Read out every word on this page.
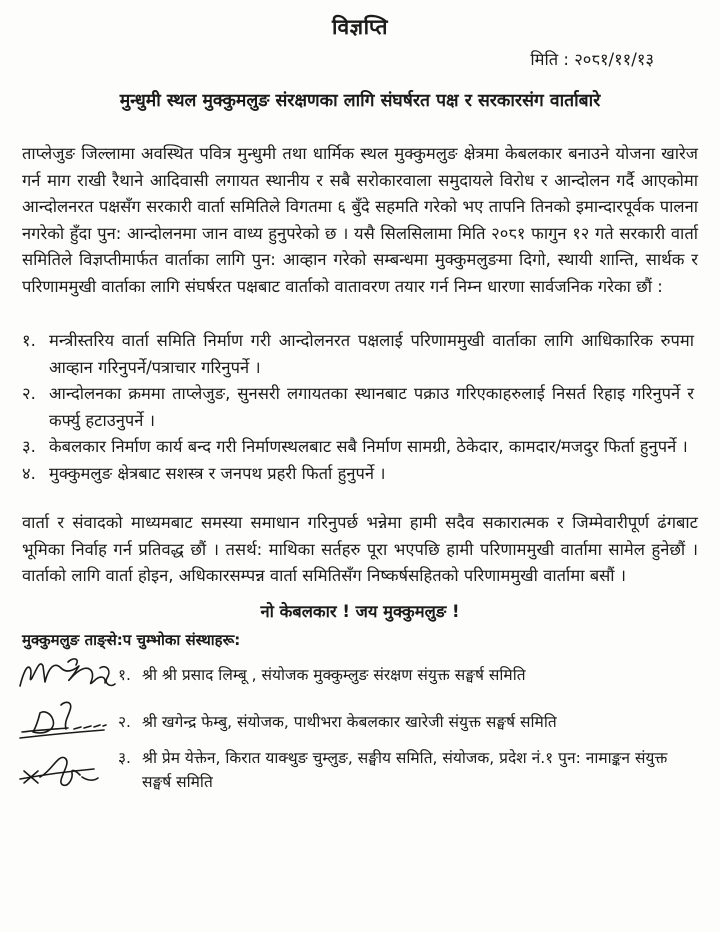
विज्ञप्ति
मिति : २०८१/११/१३
मुन्धुमी स्थल मुक्कुमलुङ संरक्षणका लागि संघर्षरत पक्ष र सरकारसंग वार्ताबारे
ताप्लेजुङ जिल्लामा अवस्थित पवित्र मुन्धुमी तथा धार्मिक स्थल मुक्कुमलुङ क्षेत्रमा केबलकार बनाउने योजना खारेज गर्न माग राखी रैथाने आदिवासी लगायत स्थानीय र सबै सरोकारवाला समुदायले विरोध र आन्दोलन गर्दै आएकोमा आन्दोलनरत पक्षसँग सरकारी वार्ता समितिले विगतमा ६ बुँदे सहमति गरेको भए तापनि तिनको इमान्दारपूर्वक पालना नगरेको हुँदा पुन: आन्दोलनमा जान वाध्य हुनुपरेको छ । यसै सिलसिलामा मिति २०८१ फागुन १२ गते सरकारी वार्ता समितिले विज्ञप्तीमार्फत वार्ताका लागि पुन: आव्हान गरेको सम्बन्धमा मुक्कुमलुङमा दिगो, स्थायी शान्ति, सार्थक र परिणाममुखी वार्ताका लागि संघर्षरत पक्षबाट वार्ताको वातावरण तयार गर्न निम्न धारणा सार्वजनिक गरेका छौं :
१. मन्त्रीस्तरिय वार्ता समिति निर्माण गरी आन्दोलनरत पक्षलाई परिणाममुखी वार्ताका लागि आधिकारिक रुपमा आव्हान गरिनुपर्ने/पत्राचार गरिनुपर्ने ।
२. आन्दोलनका क्रममा ताप्लेजुङ, सुनसरी लगायतका स्थानबाट पक्राउ गरिएकाहरुलाई निसर्त रिहाइ गरिनुपर्ने र कर्फ्यु हटाउनुपर्ने ।
३. केबलकार निर्माण कार्य बन्द गरी निर्माणस्थलबाट सबै निर्माण सामग्री, ठेकेदार, कामदार/मजदुर फिर्ता हुनुपर्ने ।
४. मुक्कुमलुङ क्षेत्रबाट सशस्त्र र जनपथ प्रहरी फिर्ता हुनुपर्ने ।
वार्ता र संवादको माध्यमबाट समस्या समाधान गरिनुपर्छ भन्नेमा हामी सदैव सकारात्मक र जिम्मेवारीपूर्ण ढंगबाट भूमिका निर्वाह गर्न प्रतिवद्ध छौं । तसर्थ: माथिका सर्तहरु पूरा भएपछि हामी परिणाममुखी वार्तामा सामेल हुनेछौं । वार्ताको लागि वार्ता होइन, अधिकारसम्पन्न वार्ता समितिसँग निष्कर्षसहितको परिणाममुखी वार्तामा बसौं ।
नो केबलकार ! जय मुक्कुमलुङ !
मुक्कुमलुङ ताङ्से:प चुम्भोका संस्थाहरू:
१. श्री श्री प्रसाद लिम्बू , संयोजक मुक्कुम्लुङ संरक्षण संयुक्त सङ्घर्ष समिति
२. श्री खगेन्द्र फेम्बु, संयोजक, पाथीभरा केबलकार खारेजी संयुक्त सङ्घर्ष समिति
३. श्री प्रेम येक्तेन, किरात याक्थुङ चुम्लुङ, सङ्घीय समिति, संयोजक, प्रदेश नं.१ पुन: नामाङ्कन संयुक्त सङ्घर्ष समिति
